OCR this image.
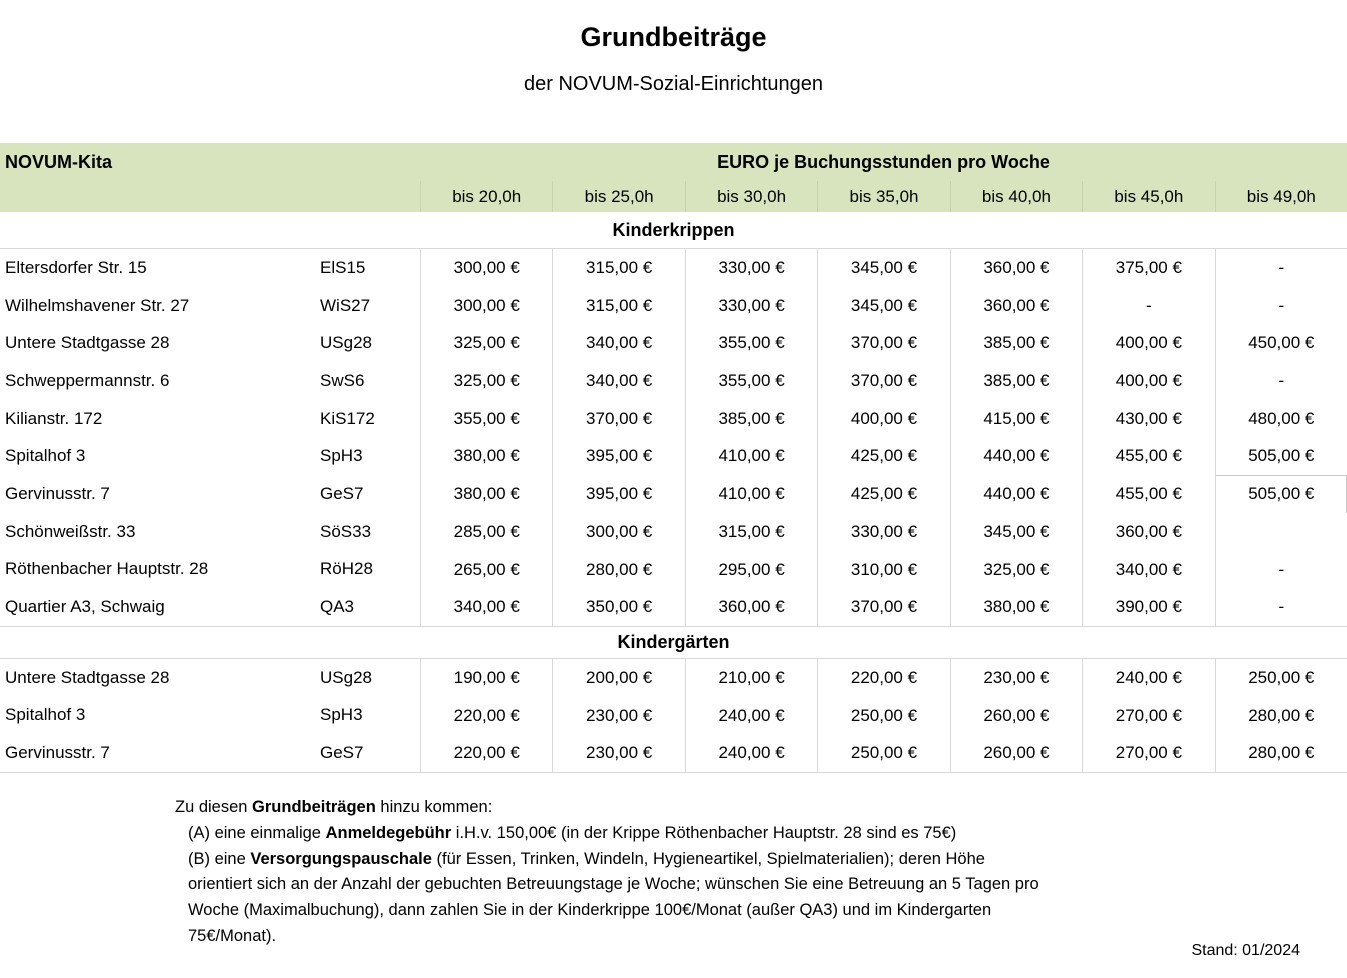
Grundbeiträge
der NOVUM-Sozial-Einrichtungen
NOVUM-Kita	EURO je Buchungsstunden pro Woche
bis 20,0h	bis 25,0h	bis 30,0h	bis 35,0h	bis 40,0h	bis 45,0h	bis 49,0h
Kinderkrippen
Eltersdorfer Str. 15	ElS15	300,00 €	315,00 €	330,00 €	345,00 €	360,00 €	375,00 €	-
Wilhelmshavener Str. 27	WiS27	300,00 €	315,00 €	330,00 €	345,00 €	360,00 €	-	-
Untere Stadtgasse 28	USg28	325,00 €	340,00 €	355,00 €	370,00 €	385,00 €	400,00 €	450,00 €
Schweppermannstr. 6	SwS6	325,00 €	340,00 €	355,00 €	370,00 €	385,00 €	400,00 €	-
Kilianstr. 172	KiS172	355,00 €	370,00 €	385,00 €	400,00 €	415,00 €	430,00 €	480,00 €
Spitalhof 3	SpH3	380,00 €	395,00 €	410,00 €	425,00 €	440,00 €	455,00 €	505,00 €
Gervinusstr. 7	GeS7	380,00 €	395,00 €	410,00 €	425,00 €	440,00 €	455,00 €	505,00 €
Schönweißstr. 33	SöS33	285,00 €	300,00 €	315,00 €	330,00 €	345,00 €	360,00 €
Röthenbacher Hauptstr. 28	RöH28	265,00 €	280,00 €	295,00 €	310,00 €	325,00 €	340,00 €	-
Quartier A3, Schwaig	QA3	340,00 €	350,00 €	360,00 €	370,00 €	380,00 €	390,00 €	-
Kindergärten
Untere Stadtgasse 28	USg28	190,00 €	200,00 €	210,00 €	220,00 €	230,00 €	240,00 €	250,00 €
Spitalhof 3	SpH3	220,00 €	230,00 €	240,00 €	250,00 €	260,00 €	270,00 €	280,00 €
Gervinusstr. 7	GeS7	220,00 €	230,00 €	240,00 €	250,00 €	260,00 €	270,00 €	280,00 €
Zu diesen Grundbeiträgen hinzu kommen:
(A) eine einmalige Anmeldegebühr i.H.v. 150,00€ (in der Krippe Röthenbacher Hauptstr. 28 sind es 75€)
(B) eine Versorgungspauschale (für Essen, Trinken, Windeln, Hygieneartikel, Spielmaterialien); deren Höhe
orientiert sich an der Anzahl der gebuchten Betreuungstage je Woche; wünschen Sie eine Betreuung an 5 Tagen pro
Woche (Maximalbuchung), dann zahlen Sie in der Kinderkrippe 100€/Monat (außer QA3) und im Kindergarten
75€/Monat).
Stand: 01/2024
